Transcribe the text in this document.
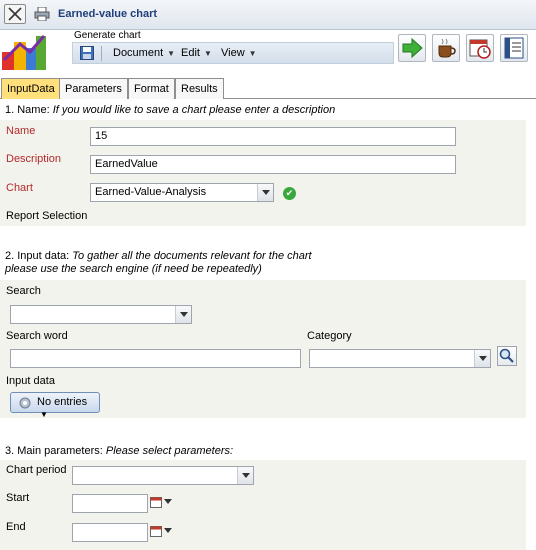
Earned-value chart
Generate chart
Document ▼ Edit ▼ View ▼
InputData Parameters	Format	Results
1. Name: If you would like to save a chart please enter a description
Name	15
Description	EarnedValue
Chart	Earned-Value-Analysis	✔
Report Selection
2. Input data: To gather all the documents relevant for the chart
please use the search engine (if need be repeatedly)
Search
Search word	Category
Input data
No entries ▼
3. Main parameters: Please select parameters:
Chart period
Start
End
